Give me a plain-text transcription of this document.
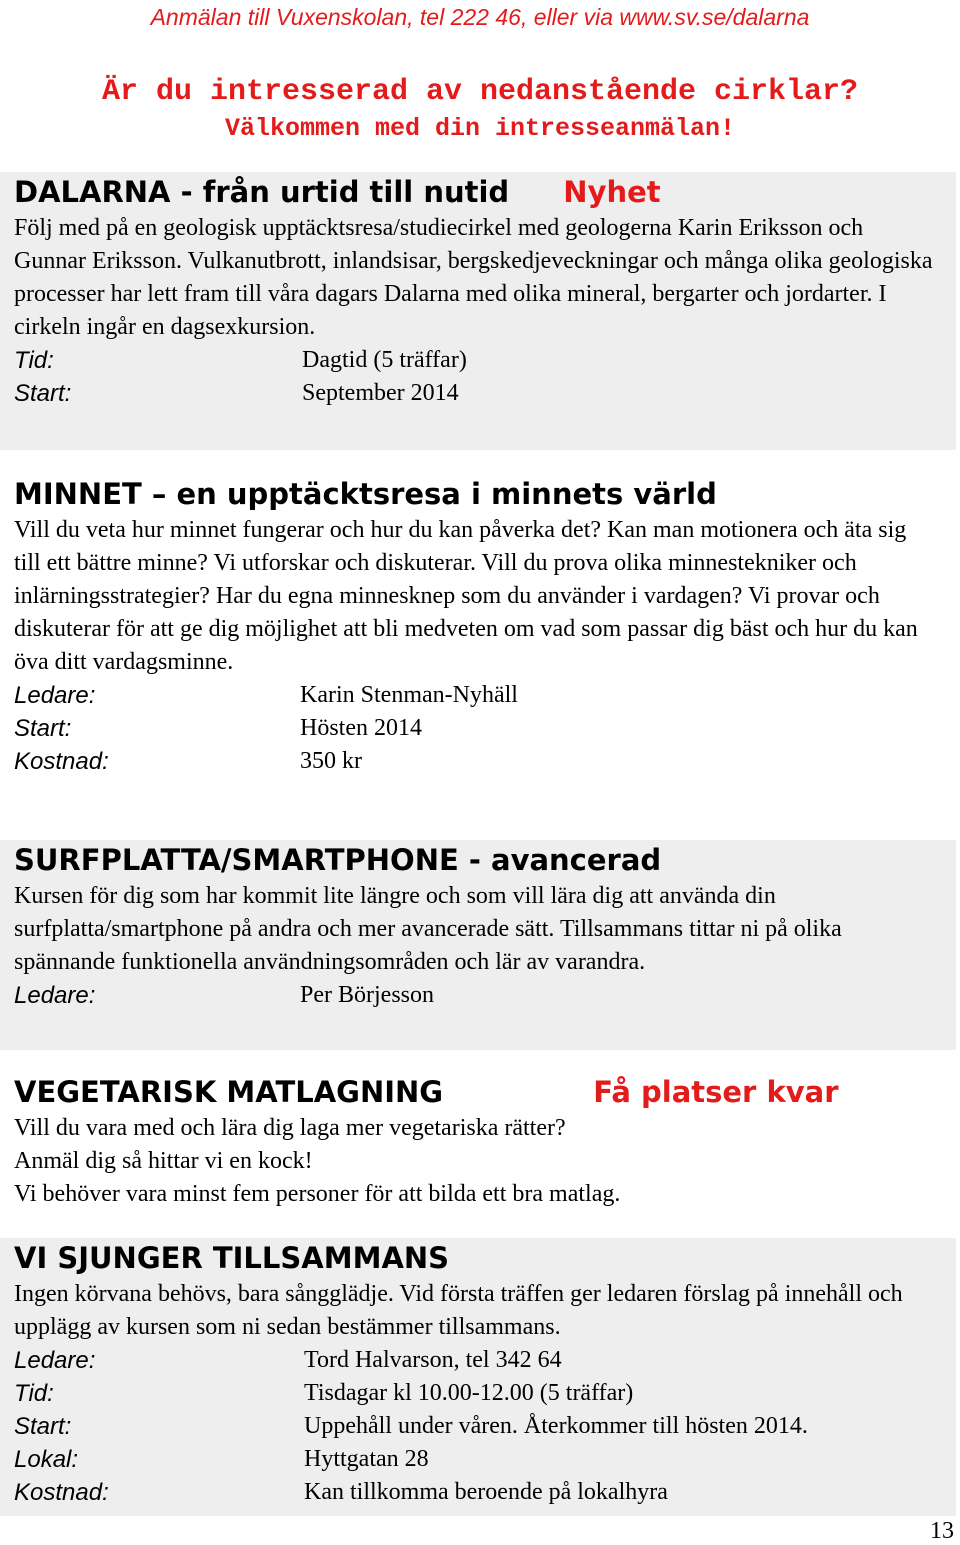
Anmälan till Vuxenskolan, tel 222 46, eller via www.sv.se/dalarna
Är du intresserad av nedanstående cirklar?
Välkommen med din intresseanmälan!
DALARNA - från urtid till nutid Nyhet
Följ med på en geologisk upptäcktsresa/studiecirkel med geologerna Karin Eriksson och Gunnar Eriksson. Vulkanutbrott, inlandsisar, bergskedjeveckningar och många olika geologiska processer har lett fram till våra dagars Dalarna med olika mineral, bergarter och jordarter. I cirkeln ingår en dagsexkursion.
Tid:	Dagtid (5 träffar)
Start:	September 2014
MINNET – en upptäcktsresa i minnets värld
Vill du veta hur minnet fungerar och hur du kan påverka det? Kan man motionera och äta sig till ett bättre minne? Vi utforskar och diskuterar. Vill du prova olika minnestekniker och inlärningsstrategier? Har du egna minnesknep som du använder i vardagen? Vi provar och diskuterar för att ge dig möjlighet att bli medveten om vad som passar dig bäst och hur du kan öva ditt vardagsminne.
Ledare:	Karin Stenman-Nyhäll
Start:	Hösten 2014
Kostnad:	350 kr
SURFPLATTA/SMARTPHONE - avancerad
Kursen för dig som har kommit lite längre och som vill lära dig att använda din surfplatta/smartphone på andra och mer avancerade sätt. Tillsammans tittar ni på olika spännande funktionella användningsområden och lär av varandra.
Ledare:	Per Börjesson
VEGETARISK MATLAGNING	Få platser kvar
Vill du vara med och lära dig laga mer vegetariska rätter?
Anmäl dig så hittar vi en kock!
Vi behöver vara minst fem personer för att bilda ett bra matlag.
VI SJUNGER TILLSAMMANS
Ingen körvana behövs, bara sångglädje. Vid första träffen ger ledaren förslag på innehåll och upplägg av kursen som ni sedan bestämmer tillsammans.
Ledare:	Tord Halvarson, tel 342 64
Tid:	Tisdagar kl 10.00-12.00 (5 träffar)
Start:	Uppehåll under våren. Återkommer till hösten 2014.
Lokal:	Hyttgatan 28
Kostnad:	Kan tillkomma beroende på lokalhyra
13
